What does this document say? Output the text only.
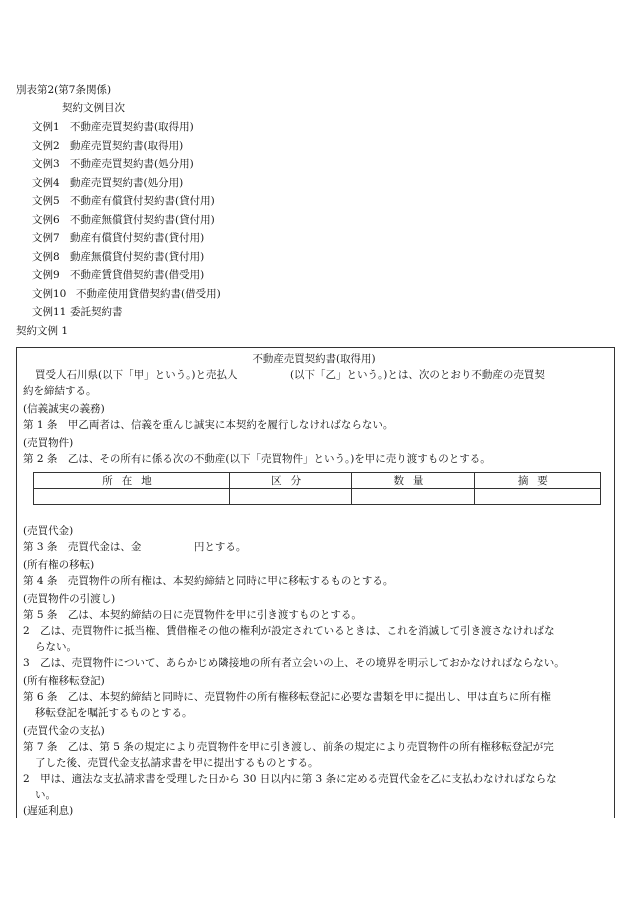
別表第2(第7条関係)
契約文例目次
文例1 不動産売買契約書(取得用)
文例2 動産売買契約書(取得用)
文例3 不動産売買契約書(処分用)
文例4 動産売買契約書(処分用)
文例5 不動産有償貸付契約書(貸付用)
文例6 不動産無償貸付契約書(貸付用)
文例7 動産有償貸付契約書(貸付用)
文例8 動産無償貸付契約書(貸付用)
文例9 不動産賃貸借契約書(借受用)
文例10 不動産使用貸借契約書(借受用)
文例11 委託契約書
契約文例 1
不動産売買契約書(取得用)
買受人石川県(以下「甲」という。)と売払人　　　　　(以下「乙」という。)とは、次のとおり不動産の売買契
約を締結する。
(信義誠実の義務)
第 1 条　甲乙両者は、信義を重んじ誠実に本契約を履行しなければならない。
(売買物件)
第 2 条　乙は、その所有に係る次の不動産(以下「売買物件」という。)を甲に売り渡すものとする。
所在地	区分	数量	摘要

(売買代金)
第 3 条　売買代金は、金　　　　　円とする。
(所有権の移転)
第 4 条　売買物件の所有権は、本契約締結と同時に甲に移転するものとする。
(売買物件の引渡し)
第 5 条　乙は、本契約締結の日に売買物件を甲に引き渡すものとする。
2　乙は、売買物件に抵当権、賃借権その他の権利が設定されているときは、これを消滅して引き渡さなければな
らない。
3　乙は、売買物件について、あらかじめ隣接地の所有者立会いの上、その境界を明示しておかなければならない。
(所有権移転登記)
第 6 条　乙は、本契約締結と同時に、売買物件の所有権移転登記に必要な書類を甲に提出し、甲は直ちに所有権
移転登記を嘱託するものとする。
(売買代金の支払)
第 7 条　乙は、第 5 条の規定により売買物件を甲に引き渡し、前条の規定により売買物件の所有権移転登記が完
了した後、売買代金支払請求書を甲に提出するものとする。
2　甲は、適法な支払請求書を受理した日から 30 日以内に第 3 条に定める売買代金を乙に支払わなければならな
い。
(遅延利息)
